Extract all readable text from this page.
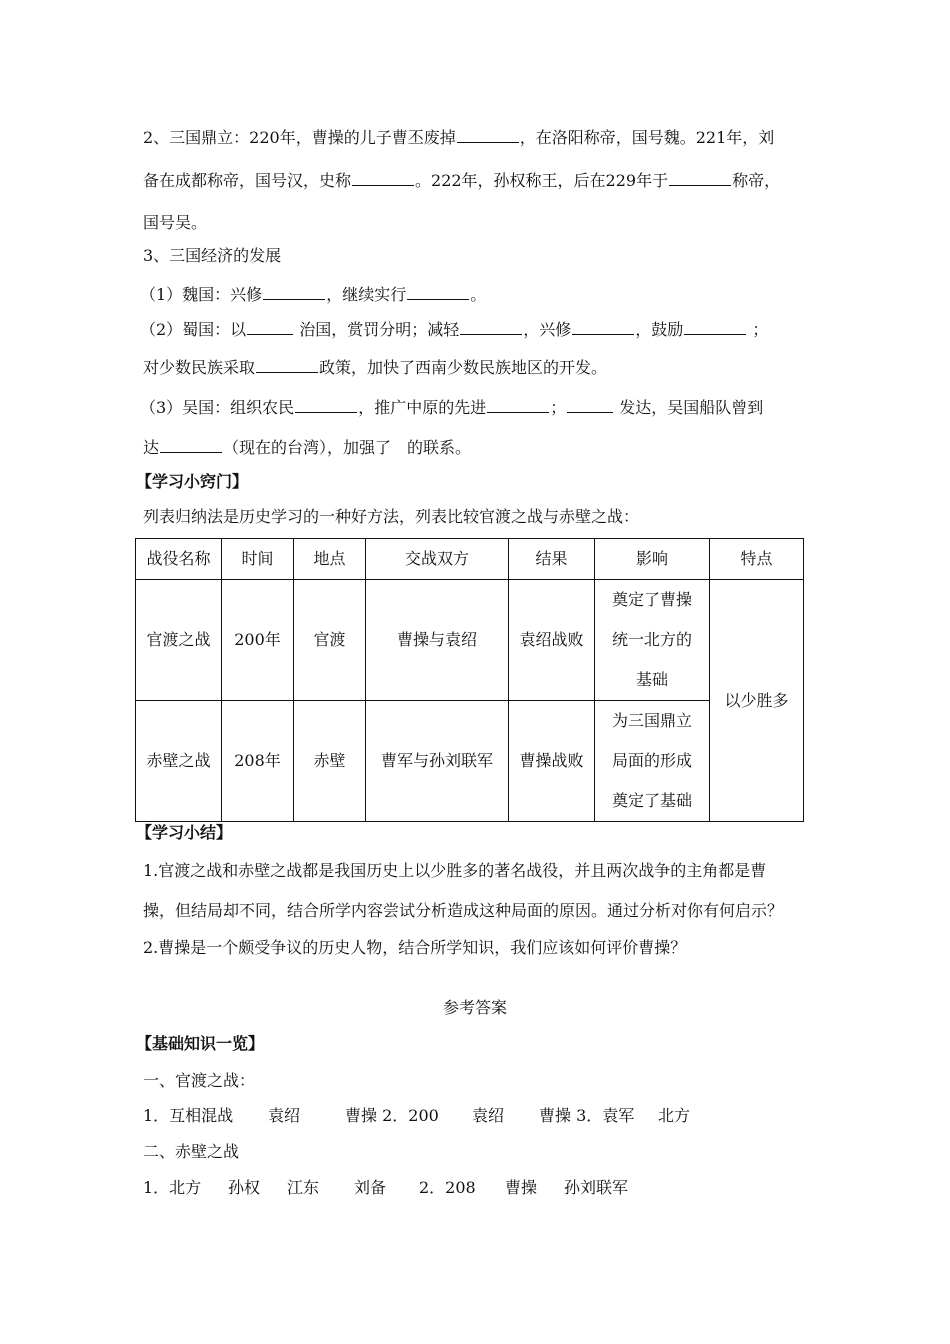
2、三国鼎立：220年，曹操的儿子曹丕废掉	，在洛阳称帝，国号魏。221年，刘
备在成都称帝，国号汉，史称	。222年，孙权称王，后在229年于	称帝，
国号吴。
3、三国经济的发展
（1）魏国：兴修	，继续实行	。
（2）蜀国：以	治国，赏罚分明；减轻	，兴修	，鼓励	；
对少数民族采取	政策，加快了西南少数民族地区的开发。
（3）吴国：组织农民	，推广中原的先进	；	发达，吴国船队曾到
达	（现在的台湾），加强了　的联系。
【学习小窍门】
列表归纳法是历史学习的一种好方法，列表比较官渡之战与赤壁之战：
战役名称	时间	地点	交战双方	结果	影响	特点
官渡之战	200年	官渡	曹操与袁绍	袁绍战败	奠定了曹操
统一北方的
基础	以少胜多
赤壁之战	208年	赤壁	曹军与孙刘联军	曹操战败	为三国鼎立
局面的形成
奠定了基础	
【学习小结】
1.官渡之战和赤壁之战都是我国历史上以少胜多的著名战役，并且两次战争的主角都是曹
操，但结局却不同，结合所学内容尝试分析造成这种局面的原因。通过分析对你有何启示？
2.曹操是一个颇受争议的历史人物，结合所学知识，我们应该如何评价曹操？
参考答案
【基础知识一览】
一、官渡之战：
1．互相混战 袁绍	曹操 2．200 袁绍 曹操 3．袁军 北方
二、赤壁之战
1．北方 孙权 江东 刘备 2．208 曹操 孙刘联军
